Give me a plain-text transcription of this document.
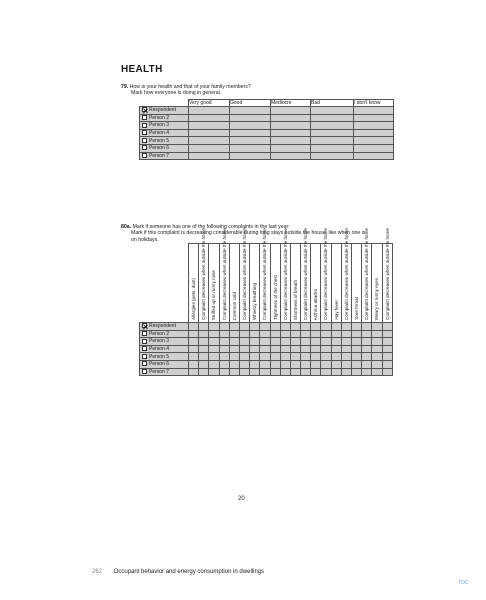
HEALTH
79. How is your health and that of your family members?
Mark how everyone is doing in general.
	Very good	Good	Mediocre	Bad	I don't know
Respondent					
Person 2					
Person 3					
Person 4					
Person 5					
Person 6					
Person 7					
80a. Mark if someone has one of the following complaints in the last year:
Mark if this complaint is decreasing considerable during long stays outside the house, like when one is
on holidays.

	Allergies (pets, dust)	Complaint decreases when outside the home	Stuffed up or runny nose	Complaint decreases when outside the home	Common cold	Complaint decreases when outside the home	Wheezy breathing	Complaint decreases when outside the home	Tightness of the chest	Complaint decreases when outside the home	Shortness of breath	Complaint decreases when outside the home	Asthma attacks	Complaint decreases when outside the home	Hay fever	Complaint decreases when outside the home	Sore throat	Complaint decreases when outside the home	Weary or runny eyes	Complaint decreases when outside the home

Respondent																				
Person 2																				
Person 3																				
Person 4																				
Person 5																				
Person 6																				
Person 7																				
20
262 Occupant behavior and energy consumption in dwellings
TOC
